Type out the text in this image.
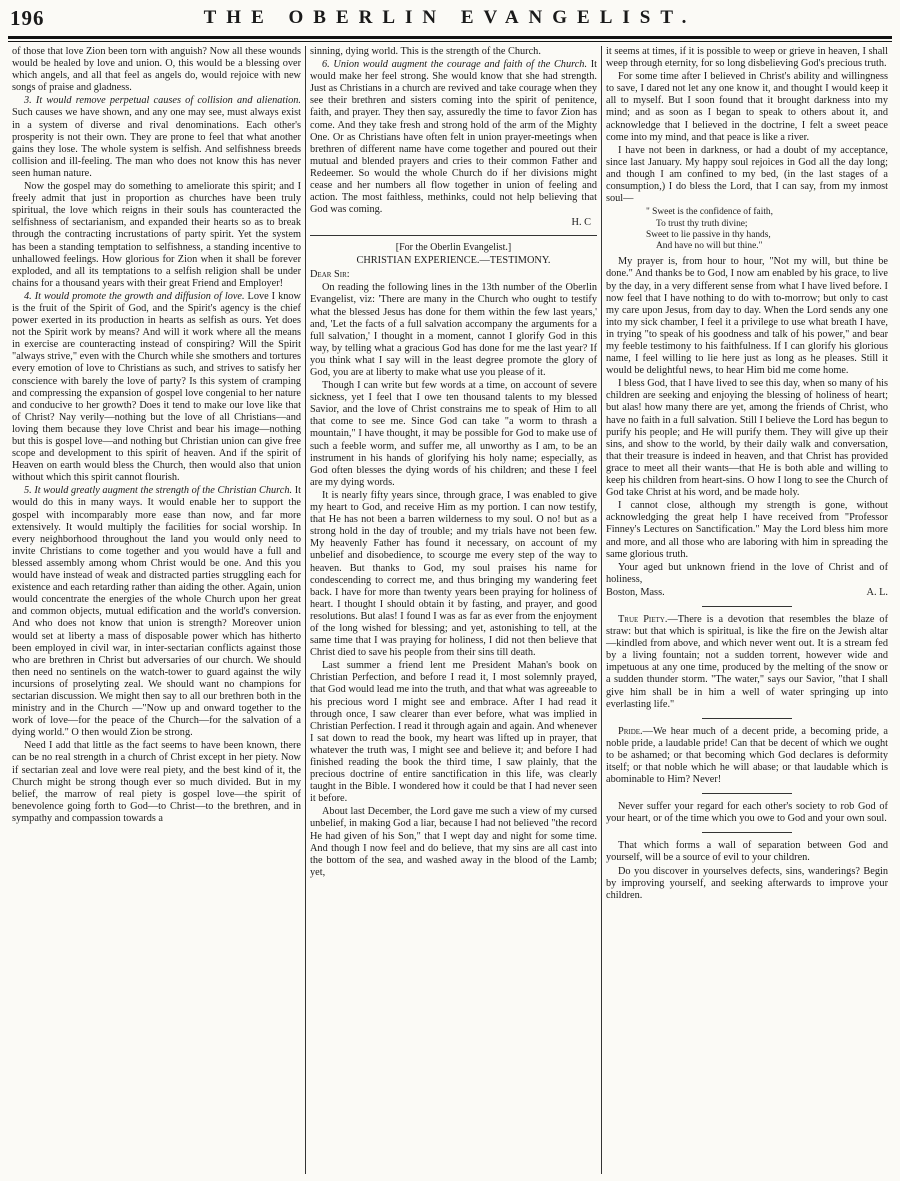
196	THE OBERLIN EVANGELIST.

of those that love Zion been torn with anguish? Now all these wounds would be healed by love and union. O, this would be a blessing over which angels, and all that feel as angels do, would rejoice with new songs of praise and gladness.

3. It would remove perpetual causes of collision and alienation. Such causes we have shown, and any one may see, must always exist in a system of diverse and rival denominations. Each other's prosperity is not their own. They are prone to feel that what another gains they lose. The whole system is selfish. And selfishness breeds collision and ill-feeling. The man who does not know this has never seen human nature.

Now the gospel may do something to ameliorate this spirit; and I freely admit that just in proportion as churches have been truly spiritual, the love which reigns in their souls has counteracted the selfishness of sectarianism, and expanded their hearts so as to break through the contracting incrustations of party spirit. Yet the system has been a standing temptation to selfishness, a standing incentive to unhallowed feelings. How glorious for Zion when it shall be forever exploded, and all its temptations to a selfish religion shall be under chains for a thousand years with their great Friend and Employer!

4. It would promote the growth and diffusion of love. Love I know is the fruit of the Spirit of God, and the Spirit's agency is the chief power exerted in its production in hearts as selfish as ours. Yet does not the Spirit work by means? And will it work where all the means in exercise are counteracting instead of conspiring? Will the Spirit "always strive," even with the Church while she smothers and tortures every emotion of love to Christians as such, and strives to satisfy her conscience with barely the love of party? Is this system of cramping and compressing the expansion of gospel love congenial to her nature and conducive to her growth? Does it tend to make our love like that of Christ? Nay verily—nothing but the love of all Christians—and loving them because they love Christ and bear his image—nothing but this is gospel love—and nothing but Christian union can give free scope and development to this spirit of heaven. And if the spirit of Heaven on earth would bless the Church, then would also that union without which this spirit cannot flourish.

5. It would greatly augment the strength of the Christian Church. It would do this in many ways. It would enable her to support the gospel with incomparably more ease than now, and far more extensively. It would multiply the facilities for social worship. In every neighborhood throughout the land you would only need to invite Christians to come together and you would have a full and blessed assembly among whom Christ would be one. And this you would have instead of weak and distracted parties struggling each for existence and each retarding rather than aiding the other. Again, union would concentrate the energies of the whole Church upon her great and common objects, mutual edification and the world's conversion. And who does not know that union is strength? Moreover union would set at liberty a mass of disposable power which has hitherto been employed in civil war, in inter-sectarian conflicts against those who are brethren in Christ but adversaries of our church. We should then need no sentinels on the watch-tower to guard against the wily incursions of proselyting zeal. We should want no champions for sectarian discussion. We might then say to all our brethren both in the ministry and in the Church —"Now up and onward together to the work of love—for the peace of the Church—for the salvation of a dying world." O then would Zion be strong.

Need I add that little as the fact seems to have been known, there can be no real strength in a church of Christ except in her piety. Now if sectarian zeal and love were real piety, and the best kind of it, the Church might be strong though ever so much divided. But in my belief, the marrow of real piety is gospel love—the spirit of benevolence going forth to God—to Christ—to the brethren, and in sympathy and compassion towards a

sinning, dying world. This is the strength of the Church.

6. Union would augment the courage and faith of the Church. It would make her feel strong. She would know that she had strength. Just as Christians in a church are revived and take courage when they see their brethren and sisters coming into the spirit of penitence, faith, and prayer. They then say, assuredly the time to favor Zion has come. And they take fresh and strong hold of the arm of the Mighty One. Or as Christians have often felt in union prayer-meetings when brethren of different name have come together and poured out their mutual and blended prayers and cries to their common Father and Redeemer. So would the whole Church do if her divisions might cease and her numbers all flow together in union of feeling and action. The most faithless, methinks, could not help believing that God was coming.

H. C

[For the Oberlin Evangelist.]

CHRISTIAN EXPERIENCE.—TESTIMONY.

Dear Sir:

On reading the following lines in the 13th number of the Oberlin Evangelist, viz: 'There are many in the Church who ought to testify what the blessed Jesus has done for them within the few last years,' and, 'Let the facts of a full salvation accompany the arguments for a full salvation,' I thought in a moment, cannot I glorify God in this way, by telling what a gracious God has done for me the last year? If you think what I say will in the least degree promote the glory of God, you are at liberty to make what use you please of it.

Though I can write but few words at a time, on account of severe sickness, yet I feel that I owe ten thousand talents to my blessed Savior, and the love of Christ constrains me to speak of Him to all that come to see me. Since God can take "a worm to thrash a mountain," I have thought, it may be possible for God to make use of such a feeble worm, and suffer me, all unworthy as I am, to be an instrument in his hands of glorifying his holy name; especially, as God often blesses the dying words of his children; and these I feel are my dying words.

It is nearly fifty years since, through grace, I was enabled to give my heart to God, and receive Him as my portion. I can now testify, that He has not been a barren wilderness to my soul. O no! but as a strong hold in the day of trouble; and my trials have not been few. My heavenly Father has found it necessary, on account of my unbelief and disobedience, to scourge me every step of the way to heaven. But thanks to God, my soul praises his name for condescending to correct me, and thus bringing my wandering feet back. I have for more than twenty years been praying for holiness of heart. I thought I should obtain it by fasting, and prayer, and good resolutions. But alas! I found I was as far as ever from the enjoyment of the long wished for blessing; and yet, astonishing to tell, at the same time that I was praying for holiness, I did not then believe that Christ died to save his people from their sins till death.

Last summer a friend lent me President Mahan's book on Christian Perfection, and before I read it, I most solemnly prayed, that God would lead me into the truth, and that what was agreeable to his precious word I might see and embrace. After I had read it through once, I saw clearer than ever before, what was implied in Christian Perfection. I read it through again and again. And whenever I sat down to read the book, my heart was lifted up in prayer, that whatever the truth was, I might see and believe it; and before I had finished reading the book the third time, I saw plainly, that the precious doctrine of entire sanctification in this life, was clearly taught in the Bible. I wondered how it could be that I had never seen it before.

About last December, the Lord gave me such a view of my cursed unbelief, in making God a liar, because I had not believed "the record He had given of his Son," that I wept day and night for some time. And though I now feel and do believe, that my sins are all cast into the bottom of the sea, and washed away in the blood of the Lamb; yet,

it seems at times, if it is possible to weep or grieve in heaven, I shall weep through eternity, for so long disbelieving God's precious truth.

For some time after I believed in Christ's ability and willingness to save, I dared not let any one know it, and thought I would keep it all to myself. But I soon found that it brought darkness into my mind; and as soon as I began to speak to others about it, and acknowledge that I believed in the doctrine, I felt a sweet peace come into my mind, and that peace is like a river.

I have not been in darkness, or had a doubt of my acceptance, since last January. My happy soul rejoices in God all the day long; and though I am confined to my bed, (in the last stages of a consumption,) I do bless the Lord, that I can say, from my inmost soul—

" Sweet is the confidence of faith,
To trust thy truth divine;
Sweet to lie passive in thy hands,
And have no will but thine."

My prayer is, from hour to hour, "Not my will, but thine be done." And thanks be to God, I now am enabled by his grace, to live by the day, in a very different sense from what I have lived before. I now feel that I have nothing to do with to-morrow; but only to cast my care upon Jesus, from day to day. When the Lord sends any one into my sick chamber, I feel it a privilege to use what breath I have, in trying "to speak of his goodness and talk of his power," and bear my feeble testimony to his faithfulness. If I can glorify his glorious name, I feel willing to lie here just as long as he pleases. Still it would be delightful news, to hear Him bid me come home.

I bless God, that I have lived to see this day, when so many of his children are seeking and enjoying the blessing of holiness of heart; but alas! how many there are yet, among the friends of Christ, who have no faith in a full salvation. Still I believe the Lord has begun to purify his people; and He will purify them. They will give up their sins, and show to the world, by their daily walk and conversation, that their treasure is indeed in heaven, and that Christ has provided grace to meet all their wants—that He is both able and willing to keep his children from heart-sins. O how I long to see the Church of God take Christ at his word, and be made holy.

I cannot close, although my strength is gone, without acknowledging the great help I have received from "Professor Finney's Lectures on Sanctification." May the Lord bless him more and more, and all those who are laboring with him in spreading the same glorious truth.

Your aged but unknown friend in the love of Christ and of holiness,

Boston, Mass.	A. L.

True Piety.—There is a devotion that resembles the blaze of straw: but that which is spiritual, is like the fire on the Jewish altar—kindled from above, and which never went out. It is a stream fed by a living fountain; not a sudden torrent, however wide and impetuous at any one time, produced by the melting of the snow or a sudden thunder storm. "The water," says our Savior, "that I shall give him shall be in him a well of water springing up into everlasting life."

Pride.—We hear much of a decent pride, a becoming pride, a noble pride, a laudable pride! Can that be decent of which we ought to be ashamed; or that becoming which God declares is deformity itself; or that noble which he will abase; or that laudable which is abominable to Him? Never!

Never suffer your regard for each other's society to rob God of your heart, or of the time which you owe to God and your own soul.

That which forms a wall of separation between God and yourself, will be a source of evil to your children.

Do you discover in yourselves defects, sins, wanderings? Begin by improving yourself, and seeking afterwards to improve your children.
